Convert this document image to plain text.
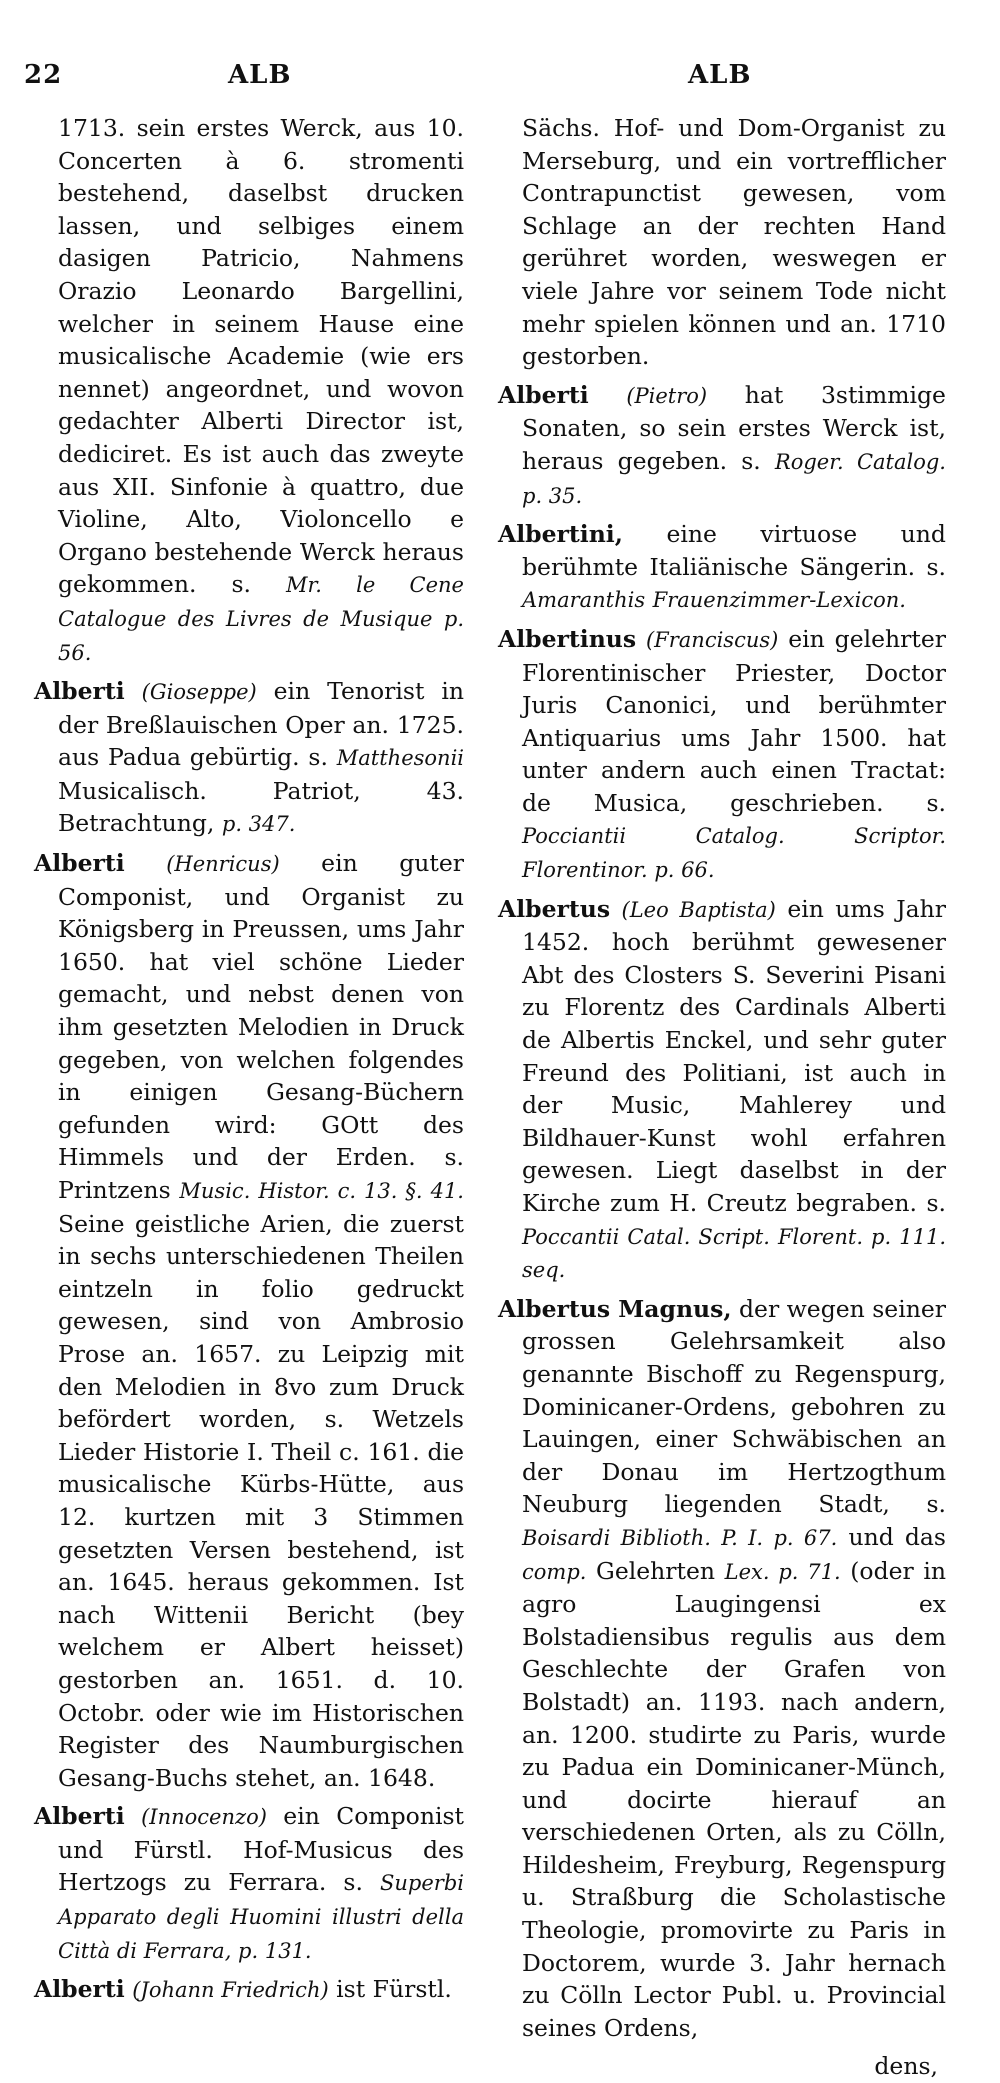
22	ALB	ALB

1713. sein erstes Werck, aus 10. Concerten à 6. stromenti bestehend, daselbst drucken lassen, und selbiges einem dasigen Patricio, Nahmens Orazio Leonardo Bargellini, welcher in seinem Hause eine musicalische Academie (wie ers nennet) angeordnet, und wovon gedachter Alberti Director ist, dediciret. Es ist auch das zweyte aus XII. Sinfonie à quattro, due Violine, Alto, Violoncello e Organo bestehende Werck heraus gekommen. s. Mr. le Cene Catalogue des Livres de Musique p. 56.

Alberti (Gioseppe) ein Tenorist in der Breßlauischen Oper an. 1725. aus Padua gebürtig. s. Matthesonii Musicalisch. Patriot, 43. Betrachtung, p. 347.

Alberti (Henricus) ein guter Componist, und Organist zu Königsberg in Preussen, ums Jahr 1650. hat viel schöne Lieder gemacht, und nebst denen von ihm gesetzten Melodien in Druck gegeben, von welchen folgendes in einigen Gesang-Büchern gefunden wird: GOtt des Himmels und der Erden. s. Printzens Music. Histor. c. 13. §. 41. Seine geistliche Arien, die zuerst in sechs unterschiedenen Theilen eintzeln in folio gedruckt gewesen, sind von Ambrosio Prose an. 1657. zu Leipzig mit den Melodien in 8vo zum Druck befördert worden, s. Wetzels Lieder Historie I. Theil c. 161. die musicalische Kürbs-Hütte, aus 12. kurtzen mit 3 Stimmen gesetzten Versen bestehend, ist an. 1645. heraus gekommen. Ist nach Wittenii Bericht (bey welchem er Albert heisset) gestorben an. 1651. d. 10. Octobr. oder wie im Historischen Register des Naumburgischen Gesang-Buchs stehet, an. 1648.

Alberti (Innocenzo) ein Componist und Fürstl. Hof-Musicus des Hertzogs zu Ferrara. s. Superbi Apparato degli Huomini illustri della Città di Ferrara, p. 131.

Alberti (Johann Friedrich) ist Fürstl.

Sächs. Hof- und Dom-Organist zu Merseburg, und ein vortrefflicher Contrapunctist gewesen, vom Schlage an der rechten Hand gerühret worden, weswegen er viele Jahre vor seinem Tode nicht mehr spielen können und an. 1710 gestorben.

Alberti (Pietro) hat 3stimmige Sonaten, so sein erstes Werck ist, heraus gegeben. s. Roger. Catalog. p. 35.

Albertini, eine virtuose und berühmte Italiänische Sängerin. s. Amaranthis Frauenzimmer-Lexicon.

Albertinus (Franciscus) ein gelehrter Florentinischer Priester, Doctor Juris Canonici, und berühmter Antiquarius ums Jahr 1500. hat unter andern auch einen Tractat: de Musica, geschrieben. s. Pocciantii Catalog. Scriptor. Florentinor. p. 66.

Albertus (Leo Baptista) ein ums Jahr 1452. hoch berühmt gewesener Abt des Closters S. Severini Pisani zu Florentz des Cardinals Alberti de Albertis Enckel, und sehr guter Freund des Politiani, ist auch in der Music, Mahlerey und Bildhauer-Kunst wohl erfahren gewesen. Liegt daselbst in der Kirche zum H. Creutz begraben. s. Poccantii Catal. Script. Florent. p. 111. seq.

Albertus Magnus, der wegen seiner grossen Gelehrsamkeit also genannte Bischoff zu Regenspurg, Dominicaner-Ordens, gebohren zu Lauingen, einer Schwäbischen an der Donau im Hertzogthum Neuburg liegenden Stadt, s. Boisardi Biblioth. P. I. p. 67. und das comp. Gelehrten Lex. p. 71. (oder in agro Laugingensi ex Bolstadiensibus regulis aus dem Geschlechte der Grafen von Bolstadt) an. 1193. nach andern, an. 1200. studirte zu Paris, wurde zu Padua ein Dominicaner-Münch, und docirte hierauf an verschiedenen Orten, als zu Cölln, Hildesheim, Freyburg, Regenspurg u. Straßburg die Scholastische Theologie, promovirte zu Paris in Doctorem, wurde 3. Jahr hernach zu Cölln Lector Publ. u. Provincial seines Ordens,

dens,
